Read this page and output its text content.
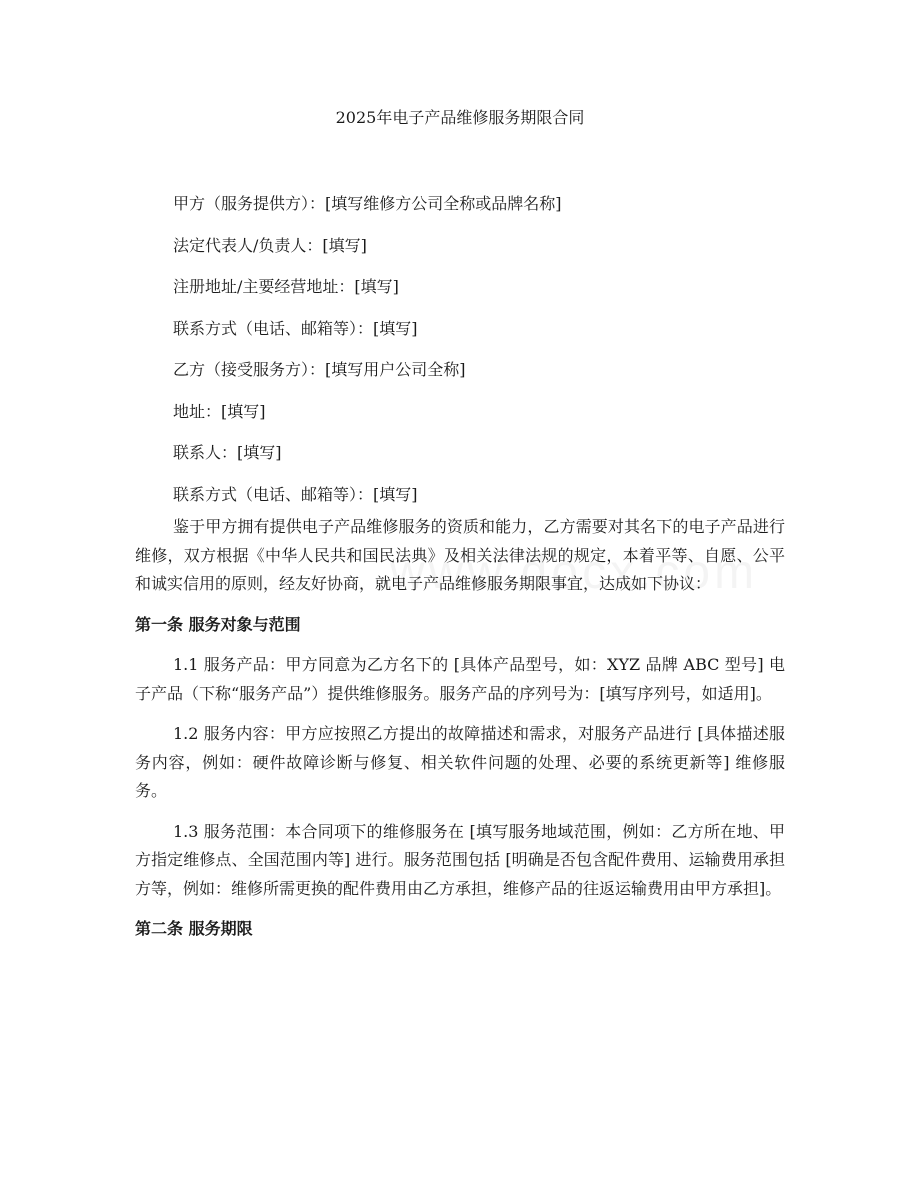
2025年电子产品维修服务期限合同
甲方（服务提供方）：[填写维修方公司全称或品牌名称]
法定代表人/负责人：[填写]
注册地址/主要经营地址：[填写]
联系方式（电话、邮箱等）：[填写]
乙方（接受服务方）：[填写用户公司全称]
地址：[填写]
联系人：[填写]
联系方式（电话、邮箱等）：[填写]

鉴于甲方拥有提供电子产品维修服务的资质和能力，乙方需要对其名下的电子产品进行维修，双方根据《中华人民共和国民法典》及相关法律法规的规定，本着平等、自愿、公平和诚实信用的原则，经友好协商，就电子产品维修服务期限事宜，达成如下协议：

第一条 服务对象与范围

1.1 服务产品：甲方同意为乙方名下的 [具体产品型号，如：XYZ 品牌 ABC 型号] 电子产品（下称“服务产品”）提供维修服务。服务产品的序列号为：[填写序列号，如适用]。

1.2 服务内容：甲方应按照乙方提出的故障描述和需求，对服务产品进行 [具体描述服务内容，例如：硬件故障诊断与修复、相关软件问题的处理、必要的系统更新等] 维修服务。

1.3 服务范围：本合同项下的维修服务在 [填写服务地域范围，例如：乙方所在地、甲方指定维修点、全国范围内等] 进行。服务范围包括 [明确是否包含配件费用、运输费用承担方等，例如：维修所需更换的配件费用由乙方承担，维修产品的往返运输费用由甲方承担]。

第二条 服务期限
